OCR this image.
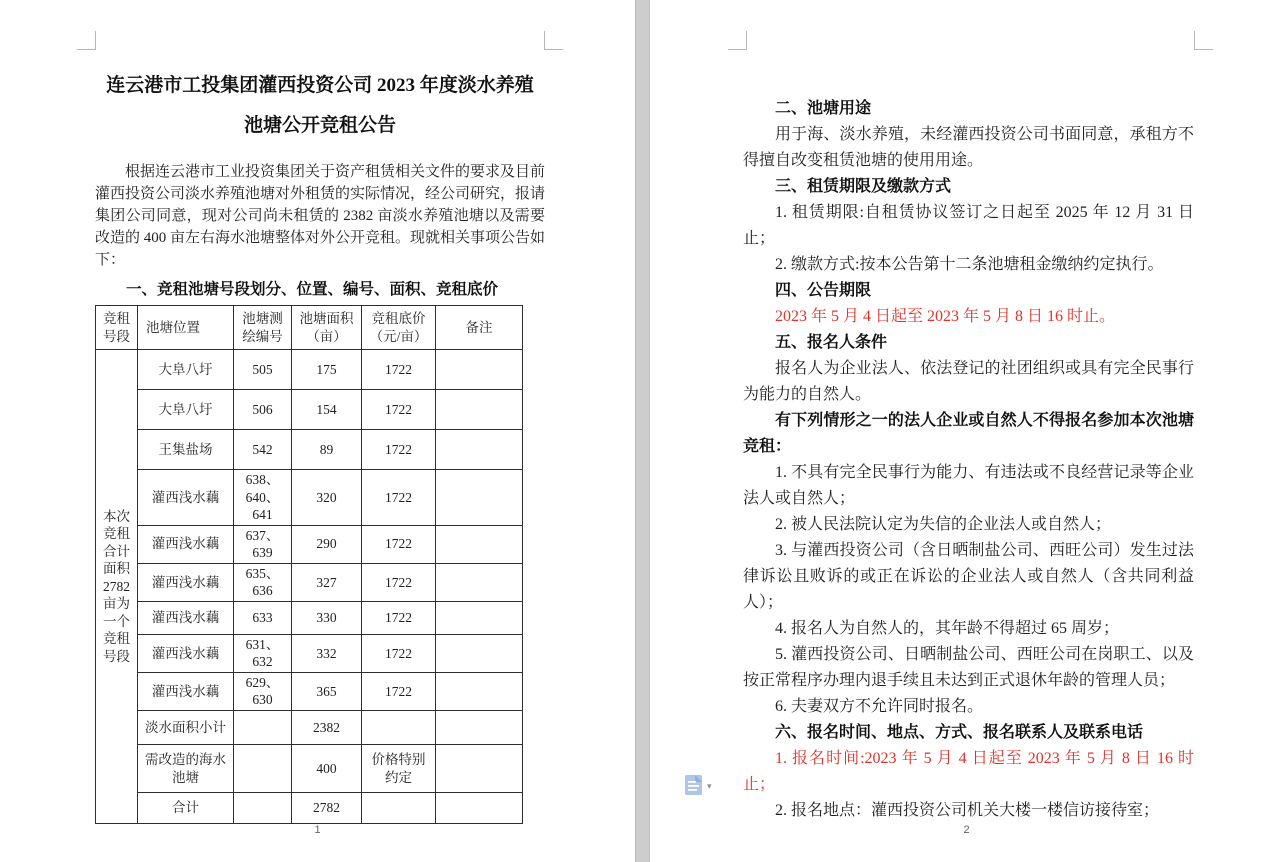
连云港市工投集团灌西投资公司 2023 年度淡水养殖

池塘公开竞租公告

根据连云港市工业投资集团关于资产租赁相关文件的要求及目前灌西投资公司淡水养殖池塘对外租赁的实际情况，经公司研究，报请集团公司同意，现对公司尚未租赁的 2382 亩淡水养殖池塘以及需要改造的 400 亩左右海水池塘整体对外公开竞租。现就相关事项公告如下：

一、竞租池塘号段划分、位置、编号、面积、竞租底价

竞租号段	池塘位置	池塘测绘编号	池塘面积（亩）	竞租底价（元/亩）	备注
本次竞租合计面积2782亩为一个竞租号段	大阜八圩	505	175	1722	
	大阜八圩	506	154	1722	
	王集盐场	542	89	1722	
	灌西浅水藕	638、640、641	320	1722	
	灌西浅水藕	637、639	290	1722	
	灌西浅水藕	635、636	327	1722	
	灌西浅水藕	633	330	1722	
	灌西浅水藕	631、632	332	1722	
	灌西浅水藕	629、630	365	1722	
	淡水面积小计		2382		
	需改造的海水池塘		400	价格特别约定	
	合计		2782		
1

二、池塘用途

用于海、淡水养殖，未经灌西投资公司书面同意，承租方不得擅自改变租赁池塘的使用用途。

三、租赁期限及缴款方式

1. 租赁期限:自租赁协议签订之日起至 2025 年 12 月 31 日止；

2. 缴款方式:按本公告第十二条池塘租金缴纳约定执行。

四、公告期限

2023 年 5 月 4 日起至 2023 年 5 月 8 日 16 时止。

五、报名人条件

报名人为企业法人、依法登记的社团组织或具有完全民事行为能力的自然人。

有下列情形之一的法人企业或自然人不得报名参加本次池塘竞租：

1. 不具有完全民事行为能力、有违法或不良经营记录等企业法人或自然人；

2. 被人民法院认定为失信的企业法人或自然人；

3. 与灌西投资公司（含日晒制盐公司、西旺公司）发生过法律诉讼且败诉的或正在诉讼的企业法人或自然人（含共同利益人）；

4. 报名人为自然人的，其年龄不得超过 65 周岁；

5. 灌西投资公司、日晒制盐公司、西旺公司在岗职工、以及按正常程序办理内退手续且未达到正式退休年龄的管理人员；

6. 夫妻双方不允许同时报名。

六、报名时间、地点、方式、报名联系人及联系电话

1. 报名时间:2023 年 5 月 4 日起至 2023 年 5 月 8 日 16 时止；

2. 报名地点：灌西投资公司机关大楼一楼信访接待室；

2
▾
